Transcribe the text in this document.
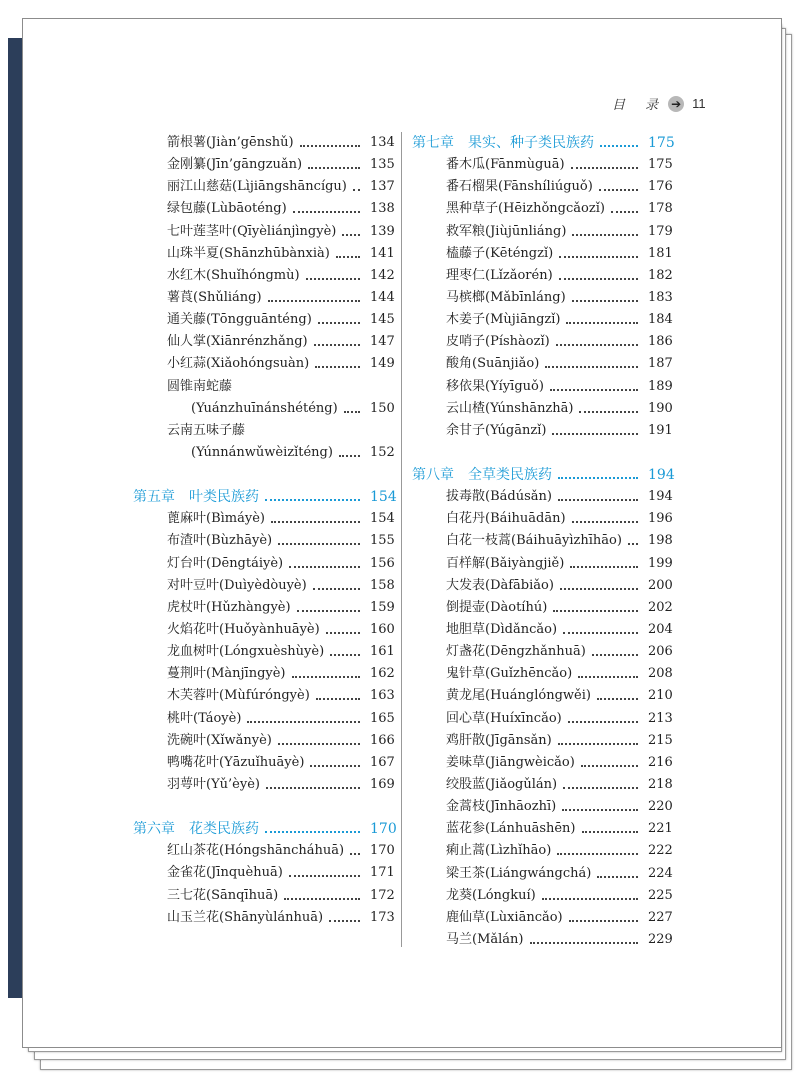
目 录 ➔ 11
箭根薯(Jiàn’gēnshǔ)	134
金刚纂(Jīn’gāngzuǎn)	135
丽江山慈菇(Lìjiāngshāncígu) 137
绿包藤(Lùbāoténg)	138
七叶莲茎叶(Qīyèliánjìngyè)	139
山珠半夏(Shānzhūbànxià)	141
水红木(Shuǐhóngmù)	142
薯莨(Shǔliáng)	144
通关藤(Tōngguānténg)	145
仙人掌(Xiānrénzhǎng)	147
小红蒜(Xiǎohóngsuàn)	149
圆锥南蛇藤
(Yuánzhuīnánshéténg) 150
云南五味子藤
(Yúnnánwǔwèizǐténg)	152
第五章　叶类民族药	154
蓖麻叶(Bìmáyè)	154
布渣叶(Bùzhāyè)	155
灯台叶(Dēngtáiyè)	156
对叶豆叶(Duìyèdòuyè)	158
虎杖叶(Hǔzhàngyè)	159
火焰花叶(Huǒyànhuāyè)	160
龙血树叶(Lóngxuèshùyè)	161
蔓荆叶(Mànjīngyè)	162
木芙蓉叶(Mùfúróngyè)	163
桃叶(Táoyè)	165
洗碗叶(Xǐwǎnyè)	166
鸭嘴花叶(Yāzuǐhuāyè)	167
羽萼叶(Yǔ’èyè)	169
第六章　花类民族药	170
红山茶花(Hóngshāncháhuā) 170
金雀花(Jīnquèhuā)	171
三七花(Sānqīhuā)	172
山玉兰花(Shānyùlánhuā)	173
第七章　果实、种子类民族药	175
番木瓜(Fānmùguā)	175
番石榴果(Fānshíliúguǒ)	176
黑种草子(Hēizhǒngcǎozǐ)	178
救军粮(Jiùjūnliáng)	179
榼藤子(Kēténgzǐ)	181
理枣仁(Lǐzǎorén)	182
马槟榔(Mǎbīnláng)	183
木姜子(Mùjiāngzǐ)	184
皮哨子(Píshàozǐ)	186
酸角(Suānjiǎo)	187
移依果(Yíyīguǒ)	189
云山楂(Yúnshānzhā)	190
余甘子(Yúgānzǐ)	191
第八章　全草类民族药	194
拔毒散(Bádúsǎn)	194
白花丹(Báihuādān)	196
白花一枝蒿(Báihuāyìzhīhāo) 198
百样解(Bǎiyàngjiě)	199
大发表(Dàfābiǎo)	200
倒提壶(Dàotíhú)	202
地胆草(Dìdǎncǎo)	204
灯盏花(Dēngzhǎnhuā)	206
鬼针草(Guǐzhēncǎo)	208
黄龙尾(Huánglóngwěi)	210
回心草(Huíxīncǎo)	213
鸡肝散(Jīgānsǎn)	215
姜味草(Jiāngwèicǎo)	216
绞股蓝(Jiǎogǔlán)	218
金蒿枝(Jīnhāozhī)	220
蓝花参(Lánhuāshēn)	221
痢止蒿(Lìzhǐhāo)	222
梁王茶(Liángwángchá)	224
龙葵(Lóngkuí)	225
鹿仙草(Lùxiāncǎo)	227
马兰(Mǎlán)	229
